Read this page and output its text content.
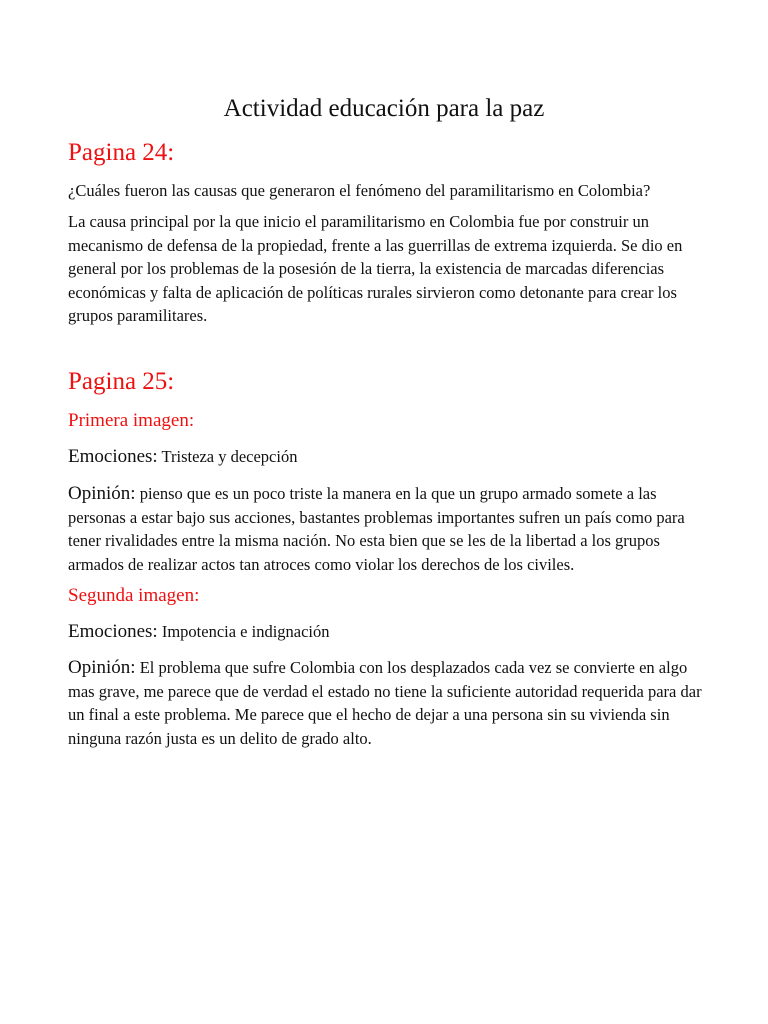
Actividad educación para la paz
Pagina 24:

¿Cuáles fueron las causas que generaron el fenómeno del paramilitarismo en Colombia?

La causa principal por la que inicio el paramilitarismo en Colombia fue por construir un mecanismo de defensa de la propiedad, frente a las guerrillas de extrema izquierda. Se dio en general por los problemas de la posesión de la tierra, la existencia de marcadas diferencias económicas y falta de aplicación de políticas rurales sirvieron como detonante para crear los grupos paramilitares.

Pagina 25:
Primera imagen:

Emociones: Tristeza y decepción

Opinión: pienso que es un poco triste la manera en la que un grupo armado somete a las personas a estar bajo sus acciones, bastantes problemas importantes sufren un país como para tener rivalidades entre la misma nación. No esta bien que se les de la libertad a los grupos armados de realizar actos tan atroces como violar los derechos de los civiles.

Segunda imagen:

Emociones: Impotencia e indignación

Opinión: El problema que sufre Colombia con los desplazados cada vez se convierte en algo mas grave, me parece que de verdad el estado no tiene la suficiente autoridad requerida para dar un final a este problema. Me parece que el hecho de dejar a una persona sin su vivienda sin ninguna razón justa es un delito de grado alto.
